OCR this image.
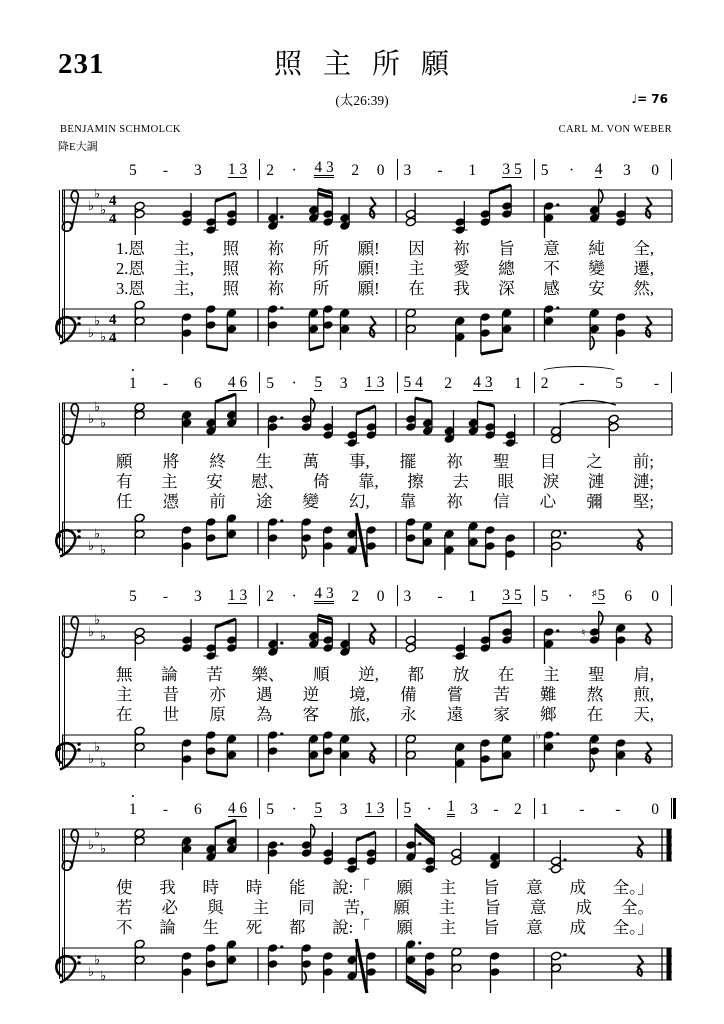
231	照 主 所 願
(太26:39)	♩= 76
BENJAMIN SCHMOLCK	CARL M. VON WEBER
降E大調
5 - 3 1 3 2 · 4 3 2 0 3 - 1 3 5 5 · 4 3 0
♭
♭
♭
4
4
1.恩 主, 照 祢 所 願! 因 祢 旨 意 純 全,
2.恩 主, 照 祢 所 願! 主 愛 總 不 變 遷,
3.恩 主, 照 祢 所 願! 在 我 深 感 安 然,
♭
♭
♭
4
4
• 1 - 6 4 6 5 · 5 3 1 3 5 4 2 4 3 1 2 - 5 -
♭
♭
♭
願 將 終 生 萬 事, 擺 祢 聖 目 之 前;
有 主 安 慰、 倚 靠, 擦 去 眼 淚 漣 漣;
任 憑 前 途 變 幻, 靠 祢 信 心 彌 堅;
♭
♭
♭
5 - 3 1 3 2 · 4 3 2 0 3 - 1 3 5 5 · ♯5 6 0
♭
♭
♭	♮
無 論 苦 樂、 順 逆, 都 放 在 主 聖 肩,
主 昔 亦 遇 逆 境, 備 嘗 苦 難 熬 煎,
在 世 原 為 客 旅, 永 遠 家 鄉 在 天,
♭
♭
♭
♭
• 1 - 6 4 6 5 · 5 3 1 3 5 · 1 3 - 2 1 - - 0
♭
♭
♭
使 我 時 時 能 說:「 願 主 旨 意 成 全。」
若 必 與 主 同 苦, 願 主 旨 意 成 全。
不 論 生 死 都 說:「 願 主 旨 意 成 全。」
♭
♭
♭
